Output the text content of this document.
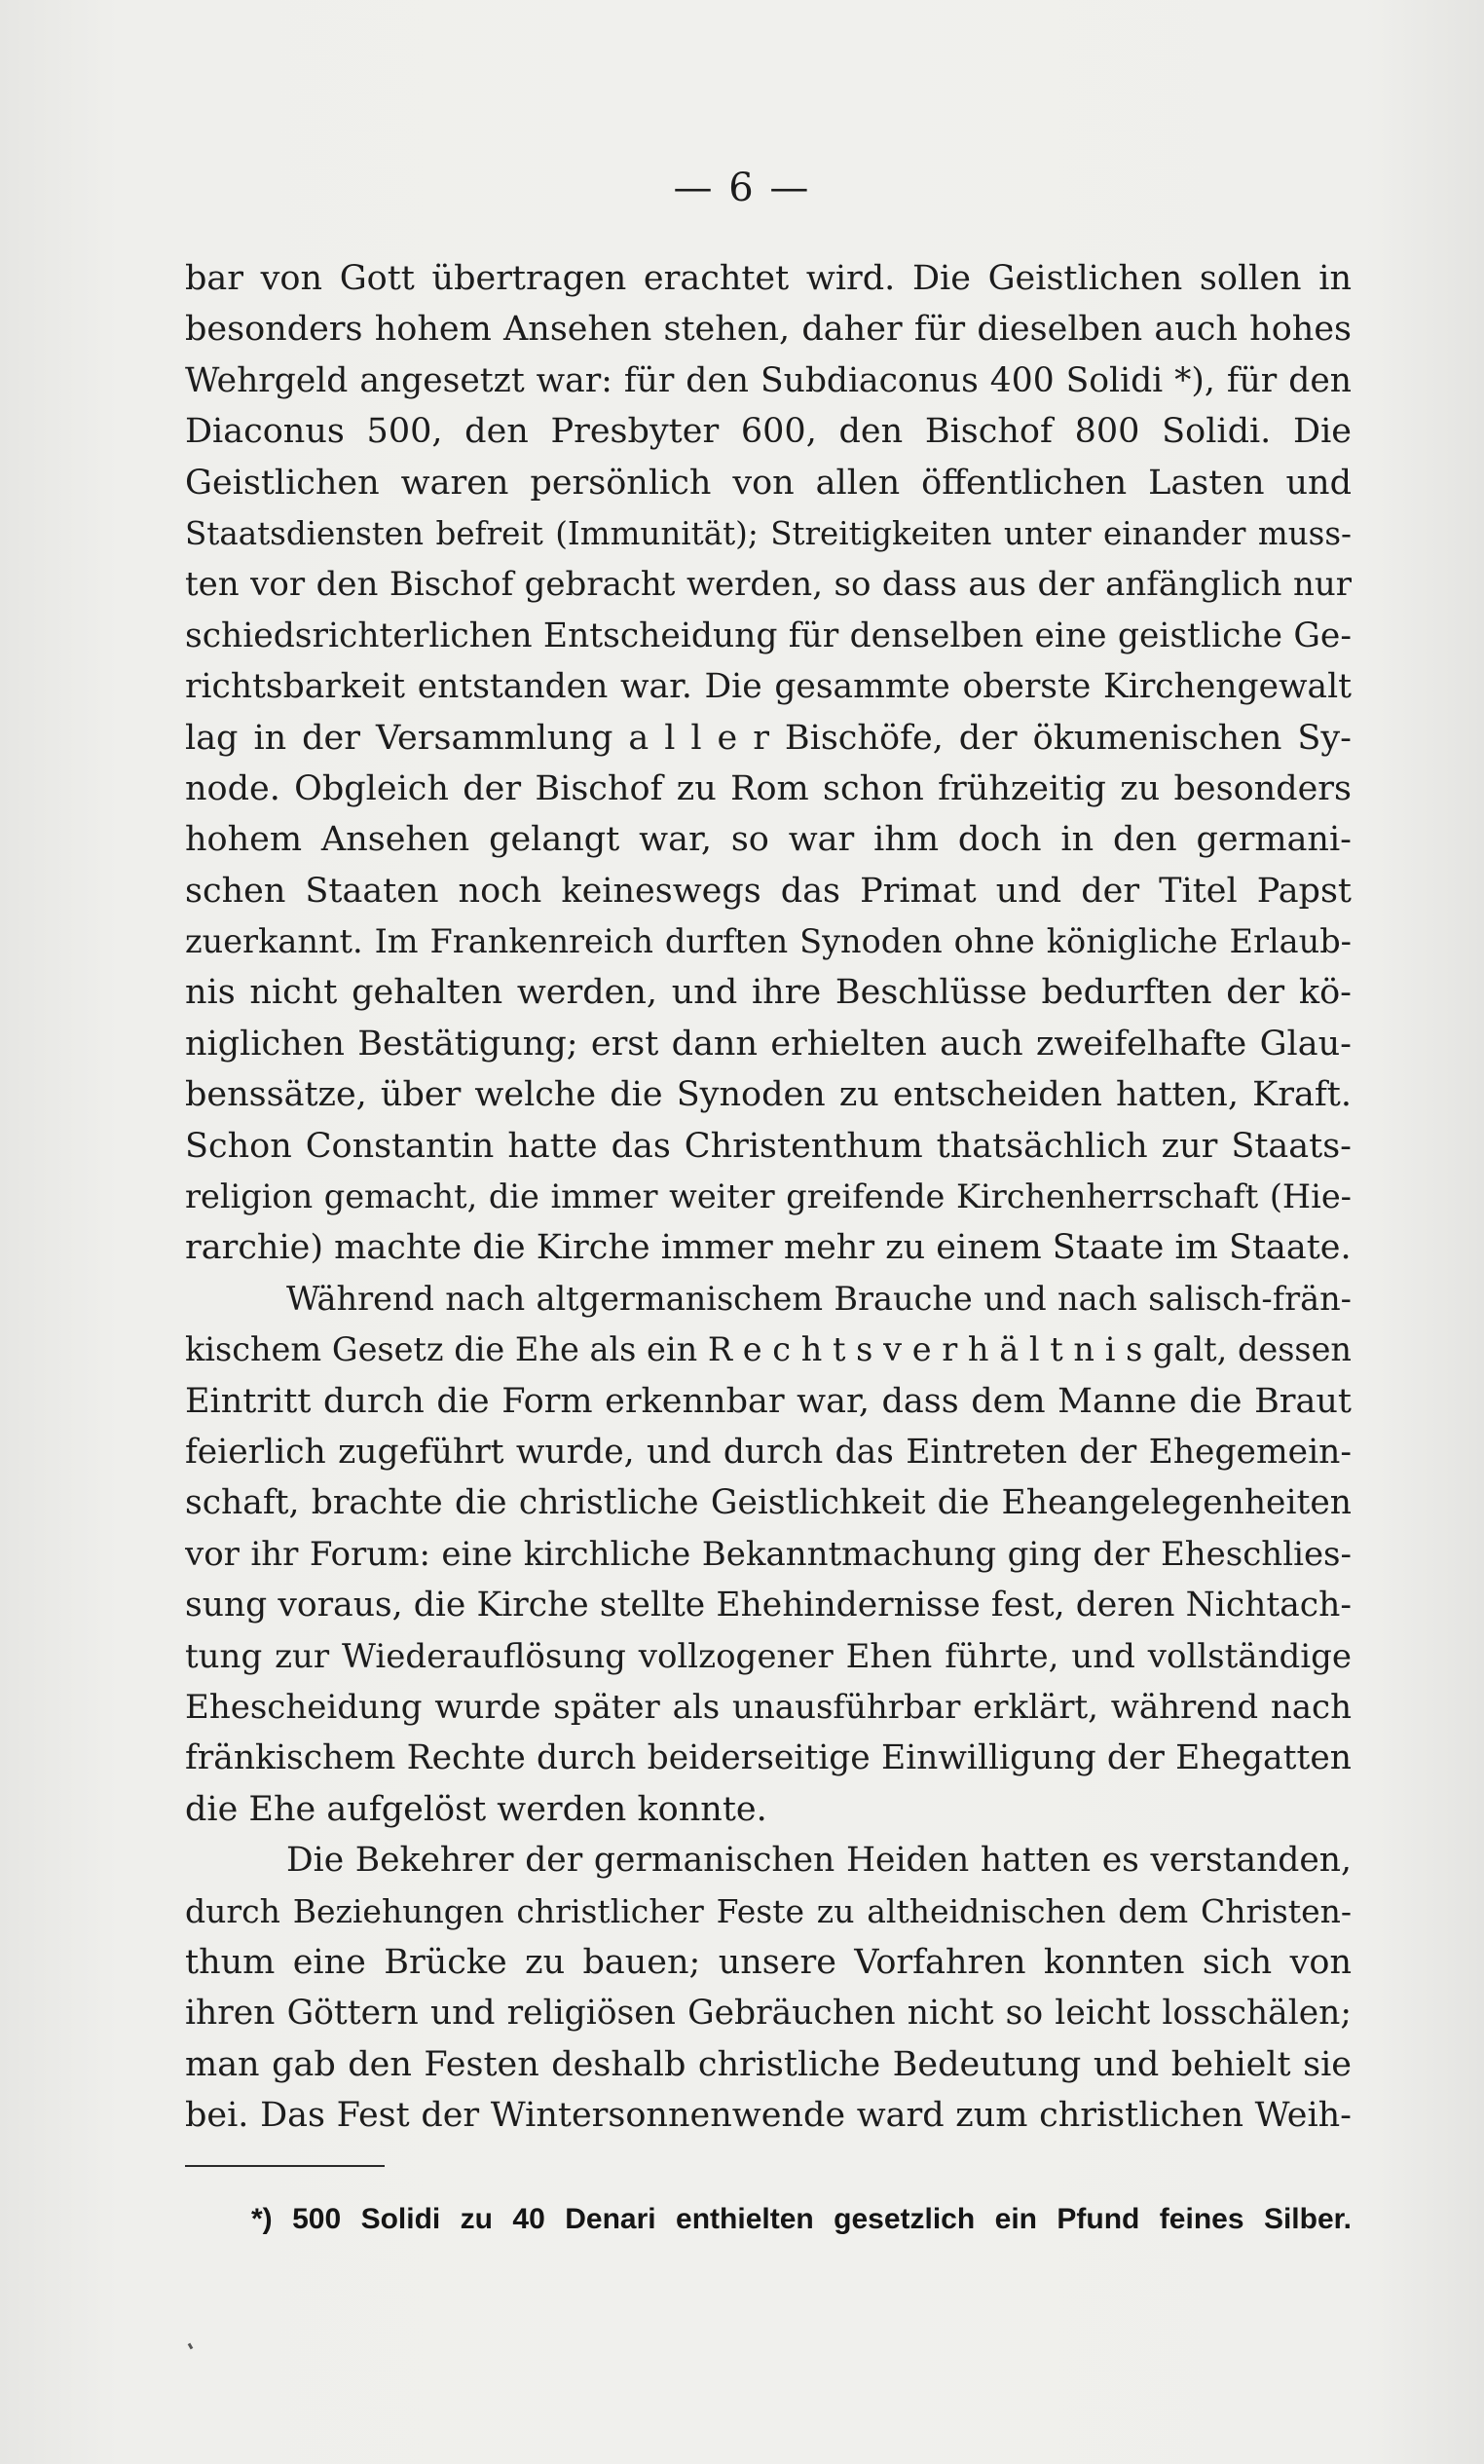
— 6 —
bar von Gott übertragen erachtet wird. Die Geistlichen sollen in
besonders hohem Ansehen stehen, daher für dieselben auch hohes
Wehrgeld angesetzt war: für den Subdiaconus 400 Solidi *), für den
Diaconus 500, den Presbyter 600, den Bischof 800 Solidi. Die
Geistlichen waren persönlich von allen öffentlichen Lasten und
Staatsdiensten befreit (Immunität); Streitigkeiten unter einander muss-
ten vor den Bischof gebracht werden, so dass aus der anfänglich nur
schiedsrichterlichen Entscheidung für denselben eine geistliche Ge-
richtsbarkeit entstanden war. Die gesammte oberste Kirchengewalt
lag in der Versammlung a l l e r Bischöfe, der ökumenischen Sy-
node. Obgleich der Bischof zu Rom schon frühzeitig zu besonders
hohem Ansehen gelangt war, so war ihm doch in den germani-
schen Staaten noch keineswegs das Primat und der Titel Papst
zuerkannt. Im Frankenreich durften Synoden ohne königliche Erlaub-
nis nicht gehalten werden, und ihre Beschlüsse bedurften der kö-
niglichen Bestätigung; erst dann erhielten auch zweifelhafte Glau-
benssätze, über welche die Synoden zu entscheiden hatten, Kraft.
Schon Constantin hatte das Christenthum thatsächlich zur Staats-
religion gemacht, die immer weiter greifende Kirchenherrschaft (Hie-
rarchie) machte die Kirche immer mehr zu einem Staate im Staate.
Während nach altgermanischem Brauche und nach salisch-frän-
kischem Gesetz die Ehe als ein R e c h t s v e r h ä l t n i s galt, dessen
Eintritt durch die Form erkennbar war, dass dem Manne die Braut
feierlich zugeführt wurde, und durch das Eintreten der Ehegemein-
schaft, brachte die christliche Geistlichkeit die Eheangelegenheiten
vor ihr Forum: eine kirchliche Bekanntmachung ging der Eheschlies-
sung voraus, die Kirche stellte Ehehindernisse fest, deren Nichtach-
tung zur Wiederauflösung vollzogener Ehen führte, und vollständige
Ehescheidung wurde später als unausführbar erklärt, während nach
fränkischem Rechte durch beiderseitige Einwilligung der Ehegatten
die Ehe aufgelöst werden konnte.
Die Bekehrer der germanischen Heiden hatten es verstanden,
durch Beziehungen christlicher Feste zu altheidnischen dem Christen-
thum eine Brücke zu bauen; unsere Vorfahren konnten sich von
ihren Göttern und religiösen Gebräuchen nicht so leicht losschälen;
man gab den Festen deshalb christliche Bedeutung und behielt sie
bei. Das Fest der Wintersonnenwende ward zum christlichen Weih-
*) 500 Solidi zu 40 Denari enthielten gesetzlich ein Pfund feines Silber.
